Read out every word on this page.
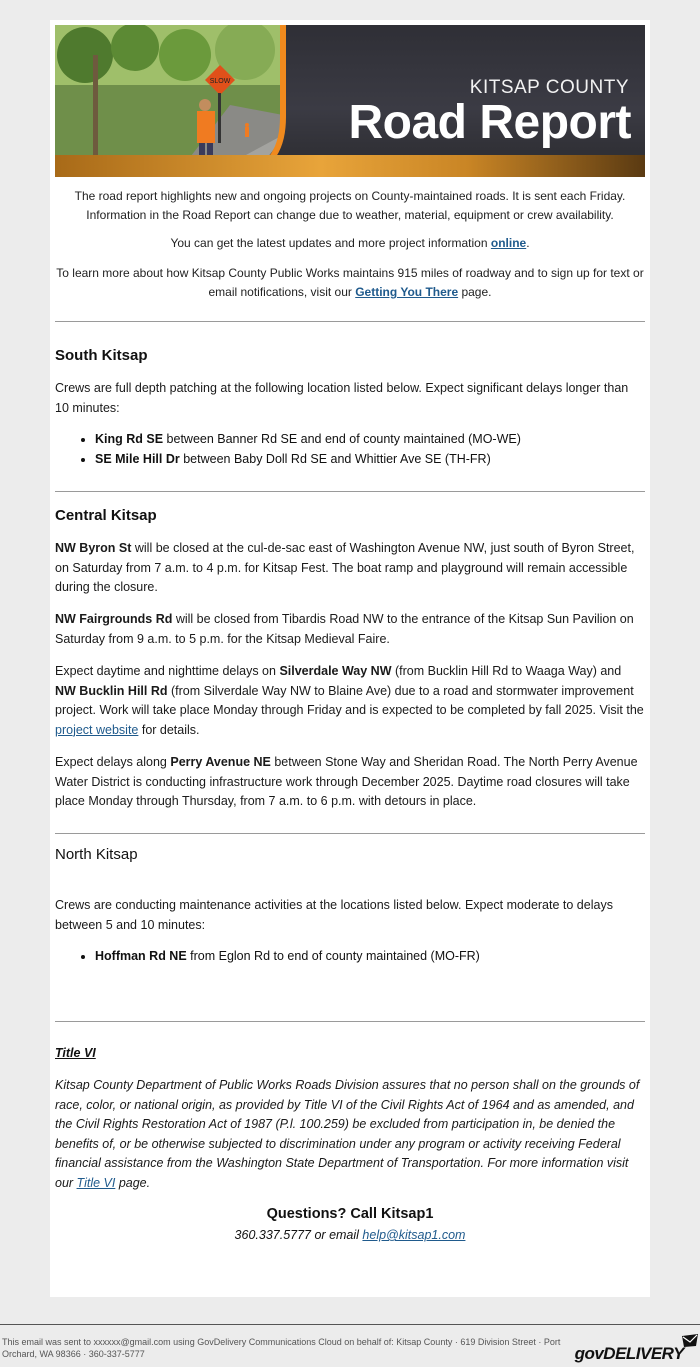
SLOW	KITSAP COUNTY
Road Report
The road report highlights new and ongoing projects on County-maintained roads. It is sent each Friday.
Information in the Road Report can change due to weather, material, equipment or crew availability.
You can get the latest updates and more project information online.
To learn more about how Kitsap County Public Works maintains 915 miles of roadway and to sign up for text or
email notifications, visit our Getting You There page.
South Kitsap

Crews are full depth patching at the following location listed below. Expect significant delays longer than 10 minutes:

• King Rd SE between Banner Rd SE and end of county maintained (MO-WE)
• SE Mile Hill Dr between Baby Doll Rd SE and Whittier Ave SE (TH-FR)
Central Kitsap

NW Byron St will be closed at the cul-de-sac east of Washington Avenue NW, just south of Byron Street, on Saturday from 7 a.m. to 4 p.m. for Kitsap Fest. The boat ramp and playground will remain accessible during the closure.

NW Fairgrounds Rd will be closed from Tibardis Road NW to the entrance of the Kitsap Sun Pavilion on Saturday from 9 a.m. to 5 p.m. for the Kitsap Medieval Faire.

Expect daytime and nighttime delays on Silverdale Way NW (from Bucklin Hill Rd to Waaga Way) and NW Bucklin Hill Rd (from Silverdale Way NW to Blaine Ave) due to a road and stormwater improvement project. Work will take place Monday through Friday and is expected to be completed by fall 2025. Visit the project website for details.

Expect delays along Perry Avenue NE between Stone Way and Sheridan Road. The North Perry Avenue Water District is conducting infrastructure work through December 2025. Daytime road closures will take place Monday through Thursday, from 7 a.m. to 6 p.m. with detours in place.

North Kitsap

Crews are conducting maintenance activities at the locations listed below. Expect moderate to delays between 5 and 10 minutes:

• Hoffman Rd NE from Eglon Rd to end of county maintained (MO-FR)
Title VI

Kitsap County Department of Public Works Roads Division assures that no person shall on the grounds of race, color, or national origin, as provided by Title VI of the Civil Rights Act of 1964 and as amended, and the Civil Rights Restoration Act of 1987 (P.l. 100.259) be excluded from participation in, be denied the benefits of, or be otherwise subjected to discrimination under any program or activity receiving Federal financial assistance from the Washington State Department of Transportation. For more information visit our Title VI page.

Questions? Call Kitsap1
360.337.5777 or email help@kitsap1.com
This email was sent to xxxxxx@gmail.com using GovDelivery Communications Cloud on behalf of: Kitsap County · 619 Division Street · Port Orchard, WA 98366 · 360-337-5777	govDELIVERY
